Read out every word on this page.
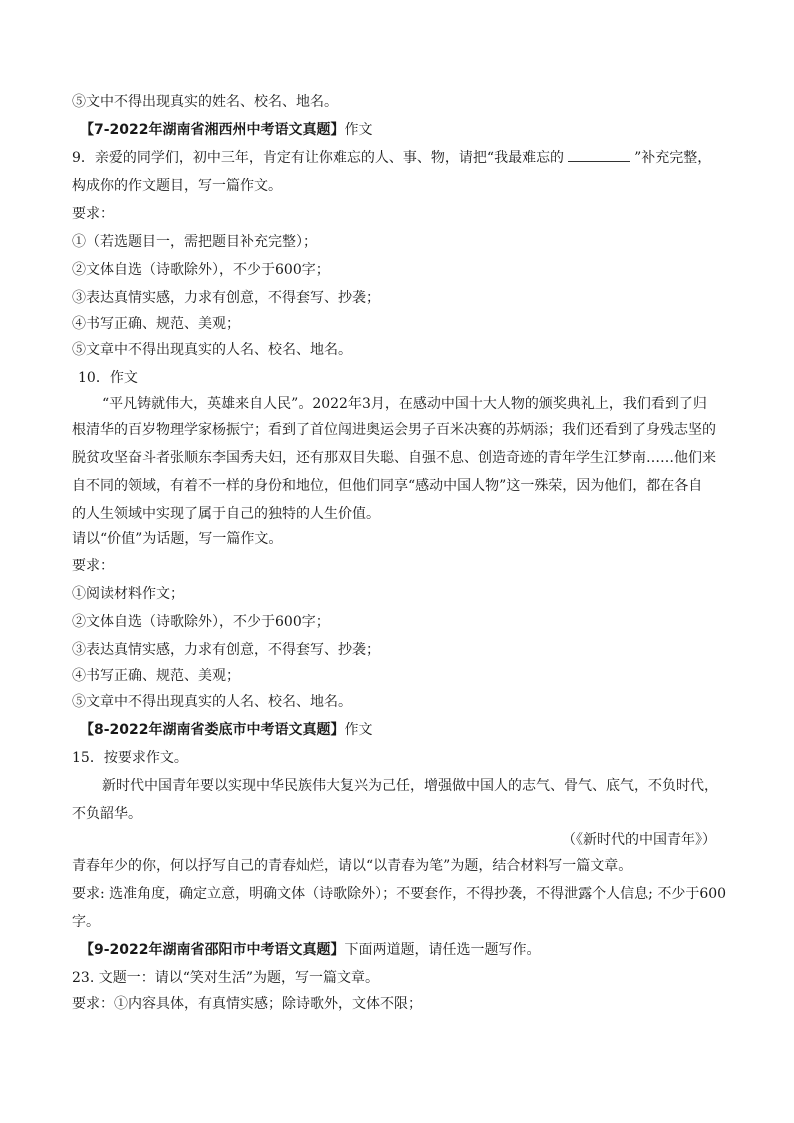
⑤文中不得出现真实的姓名、校名、地名。
【7-2022年湖南省湘西州中考语文真题】作文
9．亲爱的同学们，初中三年，肯定有让你难忘的人、事、物，请把“我最难忘的	”补充完整，
构成你的作文题目，写一篇作文。
要求：
①（若选题目一，需把题目补充完整）；
②文体自选（诗歌除外），不少于600字；
③表达真情实感，力求有创意，不得套写、抄袭；
④书写正确、规范、美观；
⑤文章中不得出现真实的人名、校名、地名。
10．作文
“平凡铸就伟大，英雄来自人民”。2022年3月，在感动中国十大人物的颁奖典礼上，我们看到了归
根清华的百岁物理学家杨振宁；看到了首位闯进奥运会男子百米决赛的苏炳添；我们还看到了身残志坚的
脱贫攻坚奋斗者张顺东李国秀夫妇，还有那双目失聪、自强不息、创造奇迹的青年学生江梦南……他们来
自不同的领域，有着不一样的身份和地位，但他们同享“感动中国人物”这一殊荣，因为他们，都在各自
的人生领域中实现了属于自己的独特的人生价值。
请以“价值”为话题，写一篇作文。
要求：
①阅读材料作文；
②文体自选（诗歌除外），不少于600字；
③表达真情实感，力求有创意，不得套写、抄袭；
④书写正确、规范、美观；
⑤文章中不得出现真实的人名、校名、地名。
【8-2022年湖南省娄底市中考语文真题】作文
15．按要求作文。
新时代中国青年要以实现中华民族伟大复兴为己任，增强做中国人的志气、骨气、底气，不负时代，
不负韶华。
（《新时代的中国青年》）
青春年少的你，何以抒写自己的青春灿烂，请以“以青春为笔”为题，结合材料写一篇文章。
要求: 选准角度，确定立意，明确文体（诗歌除外）；不要套作，不得抄袭，不得泄露个人信息; 不少于600
字。
【9-2022年湖南省邵阳市中考语文真题】下面两道题，请任选一题写作。
23. 文题一：请以“笑对生活”为题，写一篇文章。
要求：①内容具体，有真情实感；除诗歌外，文体不限；
